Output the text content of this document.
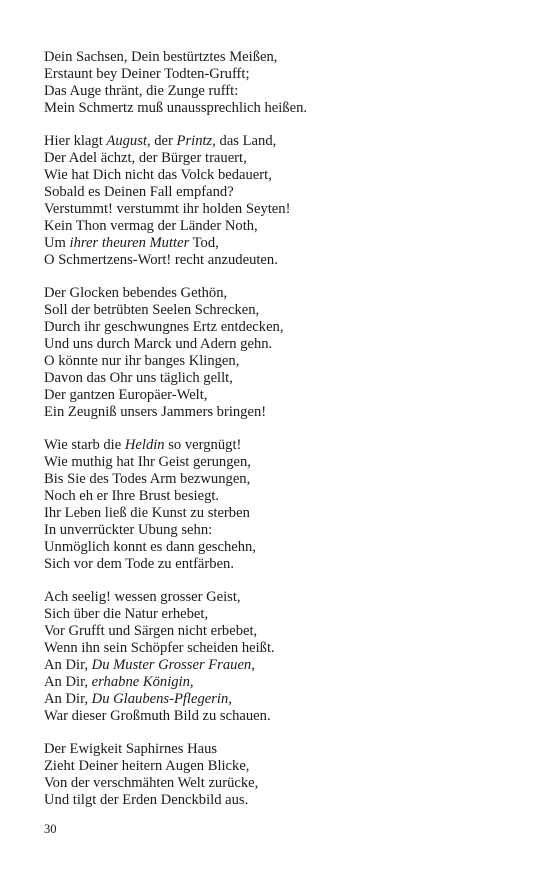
Dein Sachsen, Dein bestürtztes Meißen,
Erstaunt bey Deiner Todten-Grufft;
Das Auge thränt, die Zunge rufft:
Mein Schmertz muß unaussprechlich heißen.
Hier klagt August, der Printz, das Land,
Der Adel ächzt, der Bürger trauert,
Wie hat Dich nicht das Volck bedauert,
Sobald es Deinen Fall empfand?
Verstummt! verstummt ihr holden Seyten!
Kein Thon vermag der Länder Noth,
Um ihrer theuren Mutter Tod,
O Schmertzens-Wort! recht anzudeuten.
Der Glocken bebendes Gethön,
Soll der betrübten Seelen Schrecken,
Durch ihr geschwungnes Ertz entdecken,
Und uns durch Marck und Adern gehn.
O könnte nur ihr banges Klingen,
Davon das Ohr uns täglich gellt,
Der gantzen Europäer-Welt,
Ein Zeugniß unsers Jammers bringen!
Wie starb die Heldin so vergnügt!
Wie muthig hat Ihr Geist gerungen,
Bis Sie des Todes Arm bezwungen,
Noch eh er Ihre Brust besiegt.
Ihr Leben ließ die Kunst zu sterben
In unverrückter Ubung sehn:
Unmöglich konnt es dann geschehn,
Sich vor dem Tode zu entfärben.
Ach seelig! wessen grosser Geist,
Sich über die Natur erhebet,
Vor Grufft und Särgen nicht erbebet,
Wenn ihn sein Schöpfer scheiden heißt.
An Dir, Du Muster Grosser Frauen,
An Dir, erhabne Königin,
An Dir, Du Glaubens-Pflegerin,
War dieser Großmuth Bild zu schauen.
Der Ewigkeit Saphirnes Haus
Zieht Deiner heitern Augen Blicke,
Von der verschmähten Welt zurücke,
Und tilgt der Erden Denckbild aus.
30
